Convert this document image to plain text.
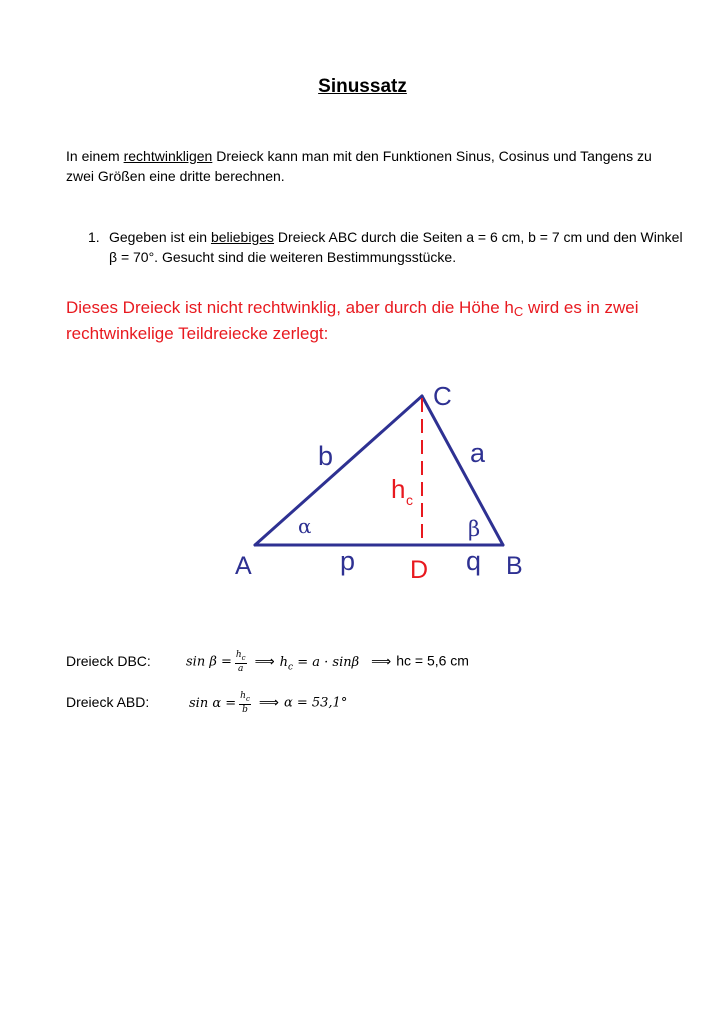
Sinussatz
In einem rechtwinkligen Dreieck kann man mit den Funktionen Sinus, Cosinus und Tangens zu zwei Größen eine dritte berechnen.
1. Gegeben ist ein beliebiges Dreieck ABC durch die Seiten a = 6 cm, b = 7 cm und den Winkel β = 70°. Gesucht sind die weiteren Bestimmungsstücke.
Dieses Dreieck ist nicht rechtwinklig, aber durch die Höhe hC wird es in zwei rechtwinkelige Teildreiecke zerlegt:
C
A	B
D
b	a
p	q
α	β
h c
Dreieck DBC:	$\sin \beta = \frac{h_c}{a}$ ⟹ $h_c = a \cdot \sin\beta$ ⟹ hc = 5,6 cm
Dreieck ABD:	$\sin \alpha = \frac{h_c}{b}$ ⟹ α = 53,1°
